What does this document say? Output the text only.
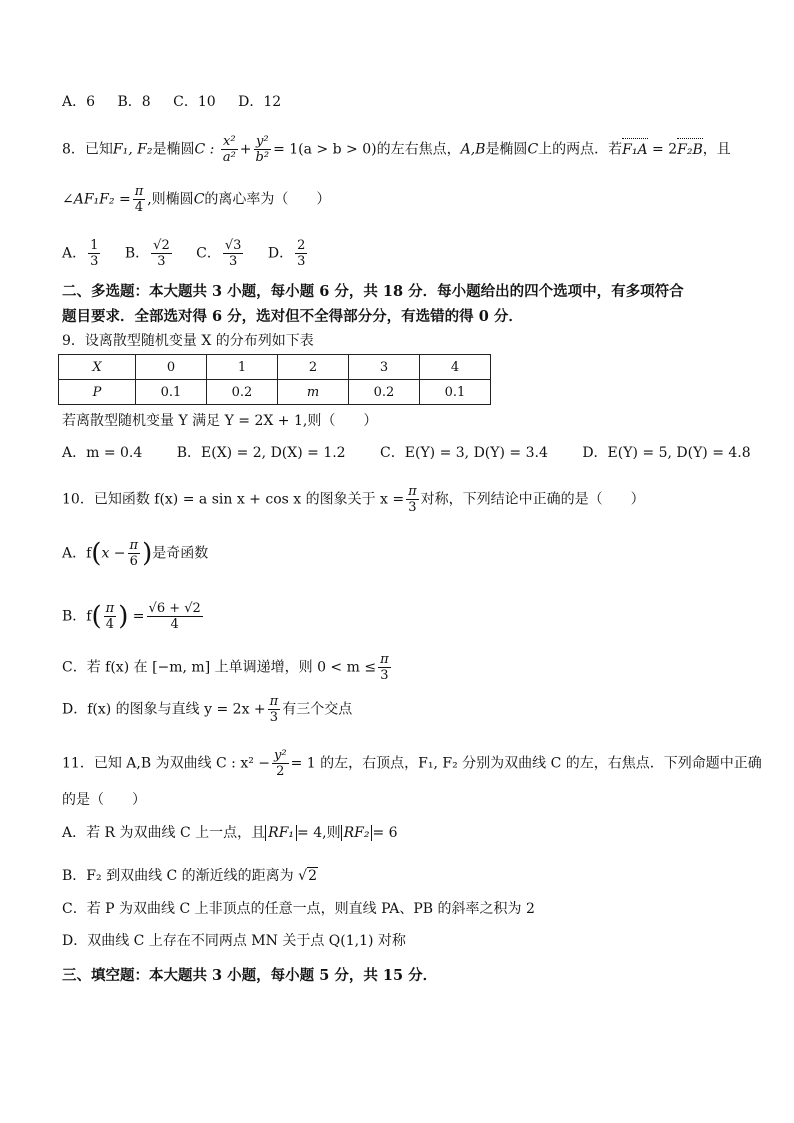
A．6 B．8 C．10 D．12
8．已知F₁, F₂是椭圆C : $\frac{\text{x²}}{\text{a²}} + \frac{\text{y²}}{\text{b²}} = 1(a > b > 0)$的左右焦点，A,B是椭圆C上的两点．若F₁A = 2F₂B，且
∠AF₁F₂ = $\frac{\pi}{4}$ ,则椭圆C的离心率为（　　）
A． $\frac{1}{3}$ B． $\frac{√2}{3}$ C． $\frac{√3}{3}$ D． $\frac{2}{3}$
二、多选题：本大题共 3 小题，每小题 6 分，共 18 分．每小题给出的四个选项中，有多项符合
题目要求．全部选对得 6 分，选对但不全得部分分，有选错的得 0 分．
9．设离散型随机变量 X 的分布列如下表
X	0	1	2	3	4
P	0.1	0.2	m	0.2	0.1
若离散型随机变量 Y 满足 Y = 2X + 1,则（　　）
A．m = 0.4 B．E(X) = 2, D(X) = 1.2 C．E(Y) = 3, D(Y) = 3.4 D．E(Y) = 5, D(Y) = 4.8
10．已知函数 f(x) = a sin x + cos x 的图象关于 $x = \frac{\pi}{3}$ 对称，下列结论中正确的是（　　）
A．$f(x - \frac{\pi}{6}$ )是奇函数
B．$f( \frac{\pi}{4}$ ) = $\frac{√6 + √2}{4}$
C．若 f(x) 在 [−m, m] 上单调递增，则 $0 < m \le \frac{\pi}{3}$
D．f(x) 的图象与直线 $y = 2x + \frac{\pi}{3}$ 有三个交点
11．已知 A,B 为双曲线 C : $x^2 - \frac{\text{y²}}{2} = 1$ 的左，右顶点，F₁, F₂ 分别为双曲线 C 的左，右焦点．下列命题中正确
的是（　　）
A．若 R 为双曲线 C 上一点，且 RF₁ = 4,则 RF₂ = 6
B．F₂ 到双曲线 C 的渐近线的距离为 √2
C．若 P 为双曲线 C 上非顶点的任意一点，则直线 PA、PB 的斜率之积为 2
D．双曲线 C 上存在不同两点 MN 关于点 Q(1,1) 对称
三、填空题：本大题共 3 小题，每小题 5 分，共 15 分．
